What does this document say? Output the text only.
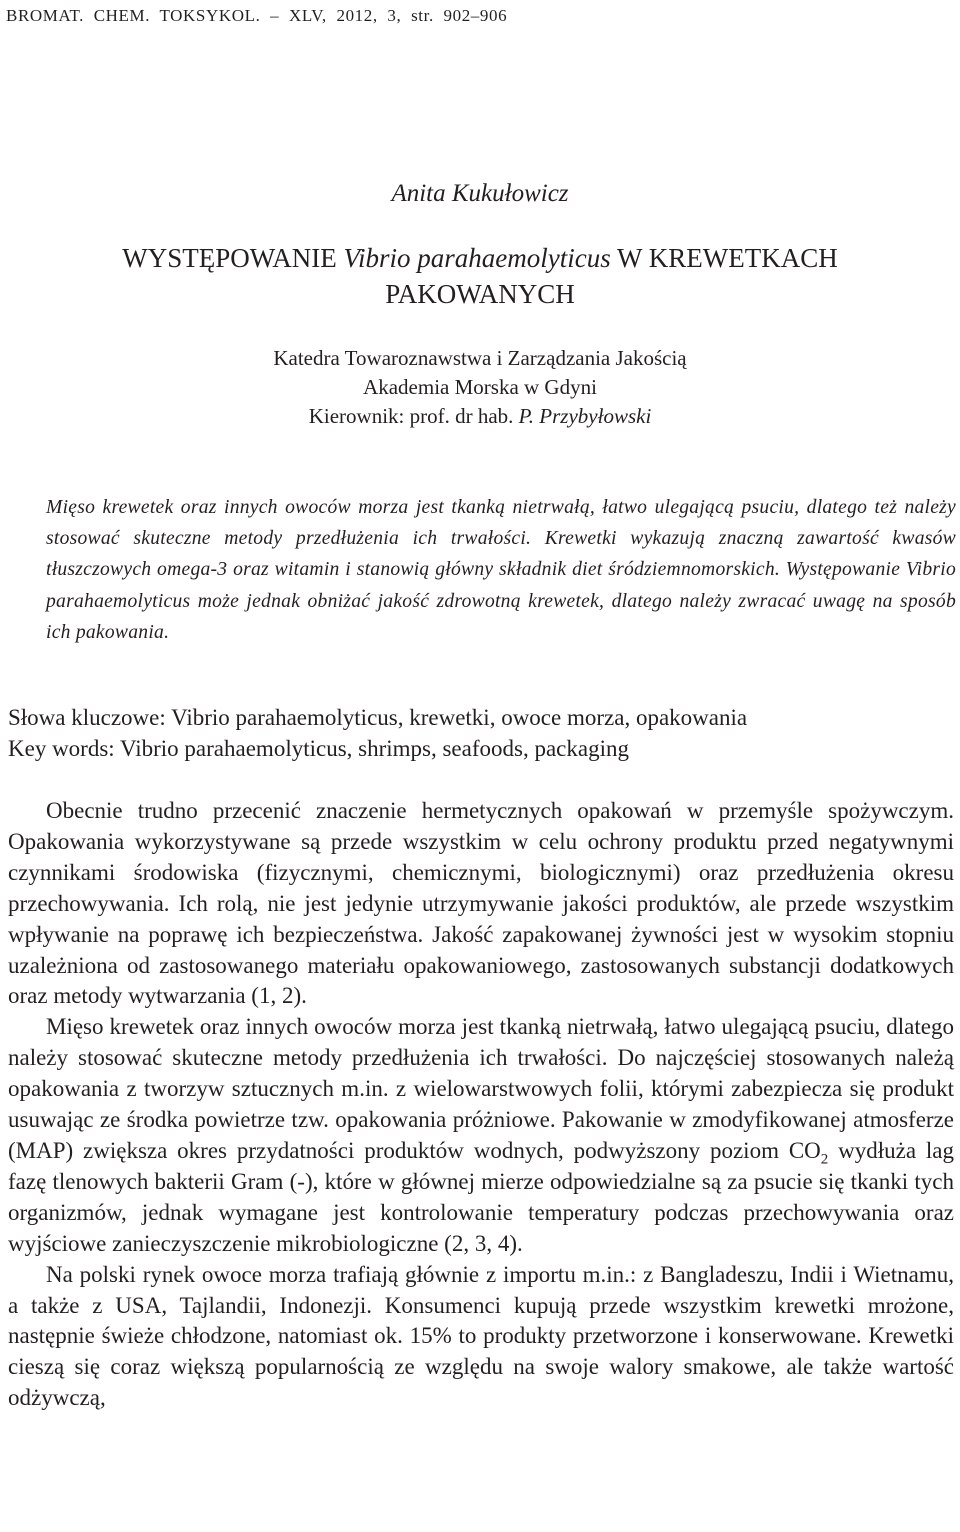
BROMAT.  CHEM.  TOKSYKOL.  –  XLV,  2012,  3,  str.  902–906
Anita Kukułowicz
WYSTĘPOWANIE Vibrio parahaemolyticus W KREWETKACH
PAKOWANYCH
Katedra Towaroznawstwa i Zarządzania Jakością
Akademia Morska w Gdyni
Kierownik: prof. dr hab. P. Przybyłowski
Mięso krewetek oraz innych owoców morza jest tkanką nietrwałą, łatwo ulegającą psuciu, dlatego też należy stosować skuteczne metody przedłużenia ich trwałości. Krewetki wykazują znaczną zawartość kwasów tłuszczowych omega-3 oraz witamin i stanowią główny składnik diet śródziemnomorskich. Występowanie Vibrio parahaemolyticus może jednak obniżać jakość zdrowotną krewetek, dlatego należy zwracać uwagę na sposób ich pakowania.
Słowa kluczowe: Vibrio parahaemolyticus, krewetki, owoce morza, opakowania
Key words: Vibrio parahaemolyticus, shrimps, seafoods, packaging

Obecnie trudno przecenić znaczenie hermetycznych opakowań w przemyśle spożywczym. Opakowania wykorzystywane są przede wszystkim w celu ochrony produktu przed negatywnymi czynnikami środowiska (fizycznymi, chemicznymi, biologicznymi) oraz przedłużenia okresu przechowywania. Ich rolą, nie jest jedynie utrzymywanie jakości produktów, ale przede wszystkim wpływanie na poprawę ich bezpieczeństwa. Jakość zapakowanej żywności jest w wysokim stopniu uzależniona od zastosowanego materiału opakowaniowego, zastosowanych substancji dodatkowych oraz metody wytwarzania (1, 2).

Mięso krewetek oraz innych owoców morza jest tkanką nietrwałą, łatwo ulegającą psuciu, dlatego należy stosować skuteczne metody przedłużenia ich trwałości. Do najczęściej stosowanych należą opakowania z tworzyw sztucznych m.in. z wielowarstwowych folii, którymi zabezpiecza się produkt usuwając ze środka powietrze tzw. opakowania próżniowe. Pakowanie w zmodyfikowanej atmosferze (MAP) zwiększa okres przydatności produktów wodnych, podwyższony poziom $CO_2$ wydłuża lag fazę tlenowych bakterii Gram (-), które w głównej mierze odpowiedzialne są za psucie się tkanki tych organizmów, jednak wymagane jest kontrolowanie temperatury podczas przechowywania oraz wyjściowe zanieczyszczenie mikrobiologiczne (2, 3, 4).

Na polski rynek owoce morza trafiają głównie z importu m.in.: z Bangladeszu, Indii i Wietnamu, a także z USA, Tajlandii, Indonezji. Konsumenci kupują przede wszystkim krewetki mrożone, następnie świeże chłodzone, natomiast ok. 15% to produkty przetworzone i konserwowane. Krewetki cieszą się coraz większą popularnością ze względu na swoje walory smakowe, ale także wartość odżywczą,
